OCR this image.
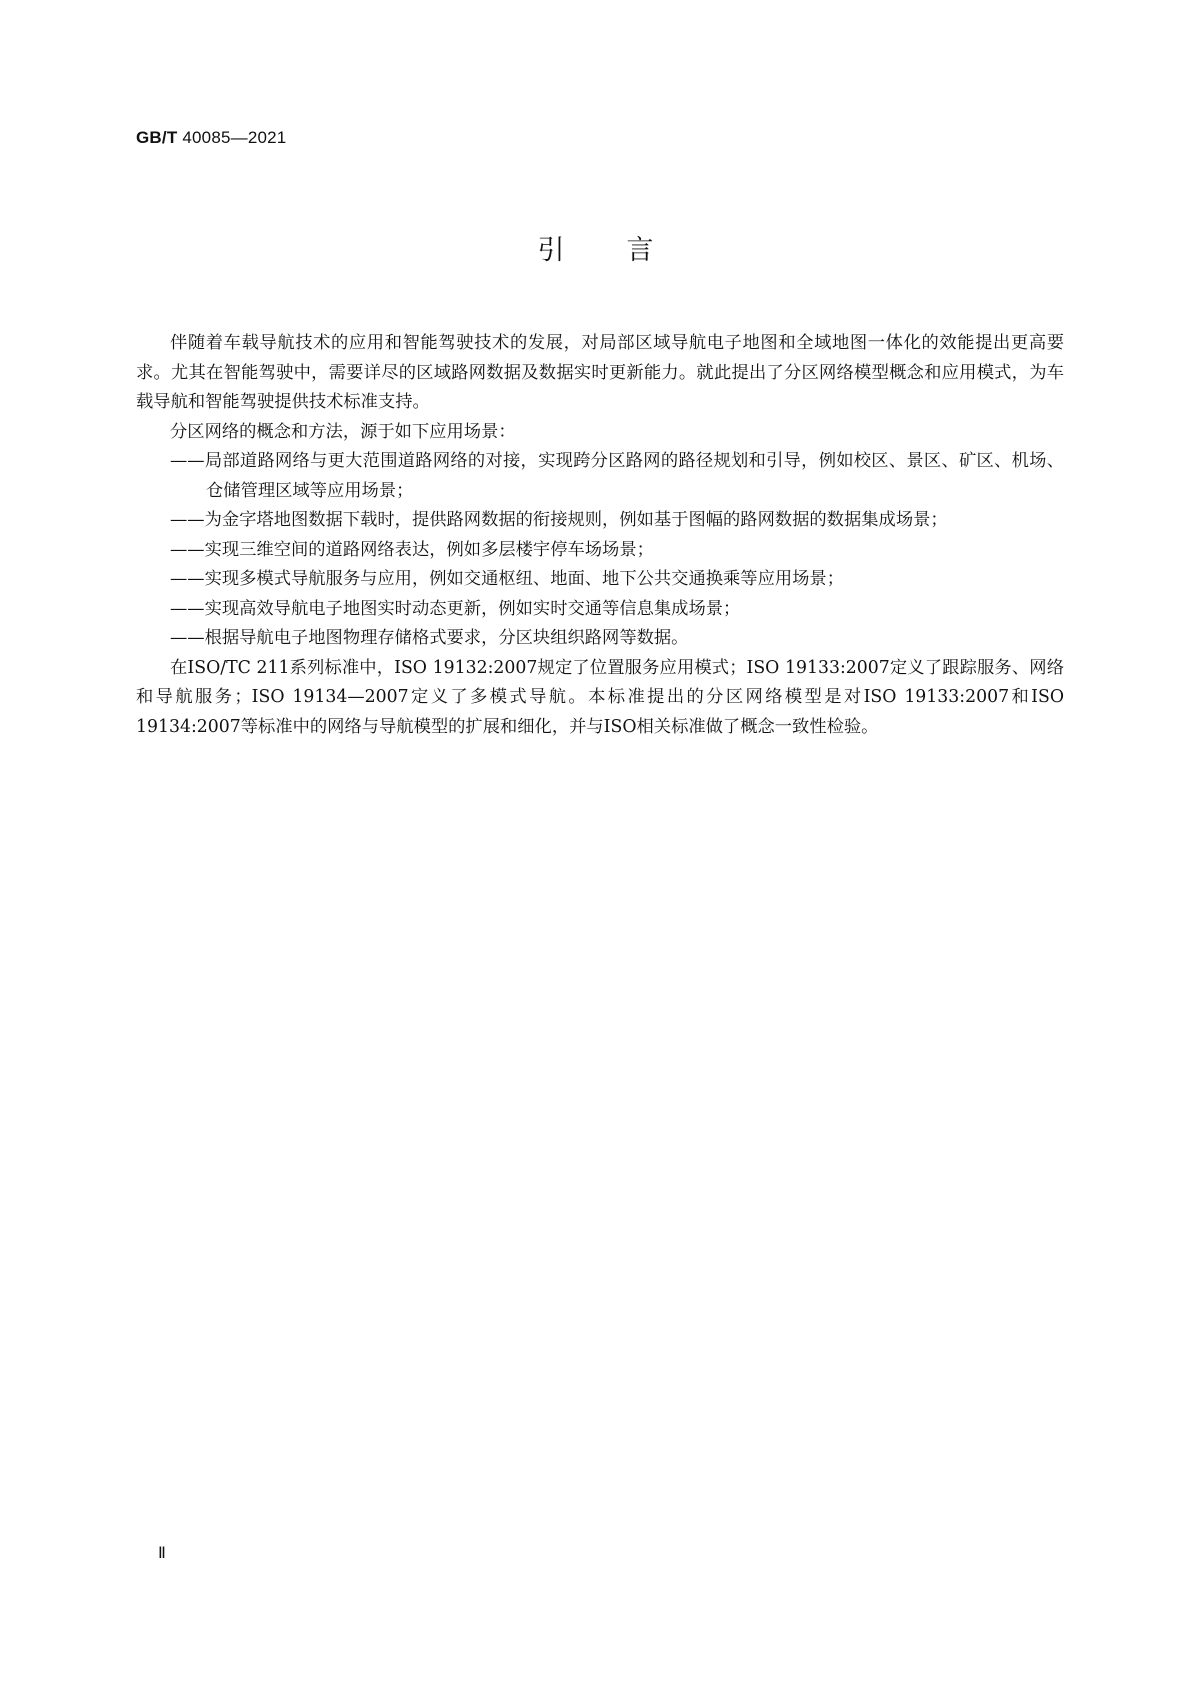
GB/T 40085—2021
引言

伴随着车载导航技术的应用和智能驾驶技术的发展，对局部区域导航电子地图和全域地图一体化的效能提出更高要求。尤其在智能驾驶中，需要详尽的区域路网数据及数据实时更新能力。就此提出了分区网络模型概念和应用模式，为车载导航和智能驾驶提供技术标准支持。

分区网络的概念和方法，源于如下应用场景：

——局部道路网络与更大范围道路网络的对接，实现跨分区路网的路径规划和引导，例如校区、景区、矿区、机场、仓储管理区域等应用场景；

——为金字塔地图数据下载时，提供路网数据的衔接规则，例如基于图幅的路网数据的数据集成场景；

——实现三维空间的道路网络表达，例如多层楼宇停车场场景；

——实现多模式导航服务与应用，例如交通枢纽、地面、地下公共交通换乘等应用场景；

——实现高效导航电子地图实时动态更新，例如实时交通等信息集成场景；

——根据导航电子地图物理存储格式要求，分区块组织路网等数据。

在ISO/TC 211系列标准中，ISO 19132:2007规定了位置服务应用模式；ISO 19133:2007定义了跟踪服务、网络和导航服务；ISO 19134—2007定义了多模式导航。本标准提出的分区网络模型是对ISO 19133:2007和ISO 19134:2007等标准中的网络与导航模型的扩展和细化，并与ISO相关标准做了概念一致性检验。

Ⅱ
